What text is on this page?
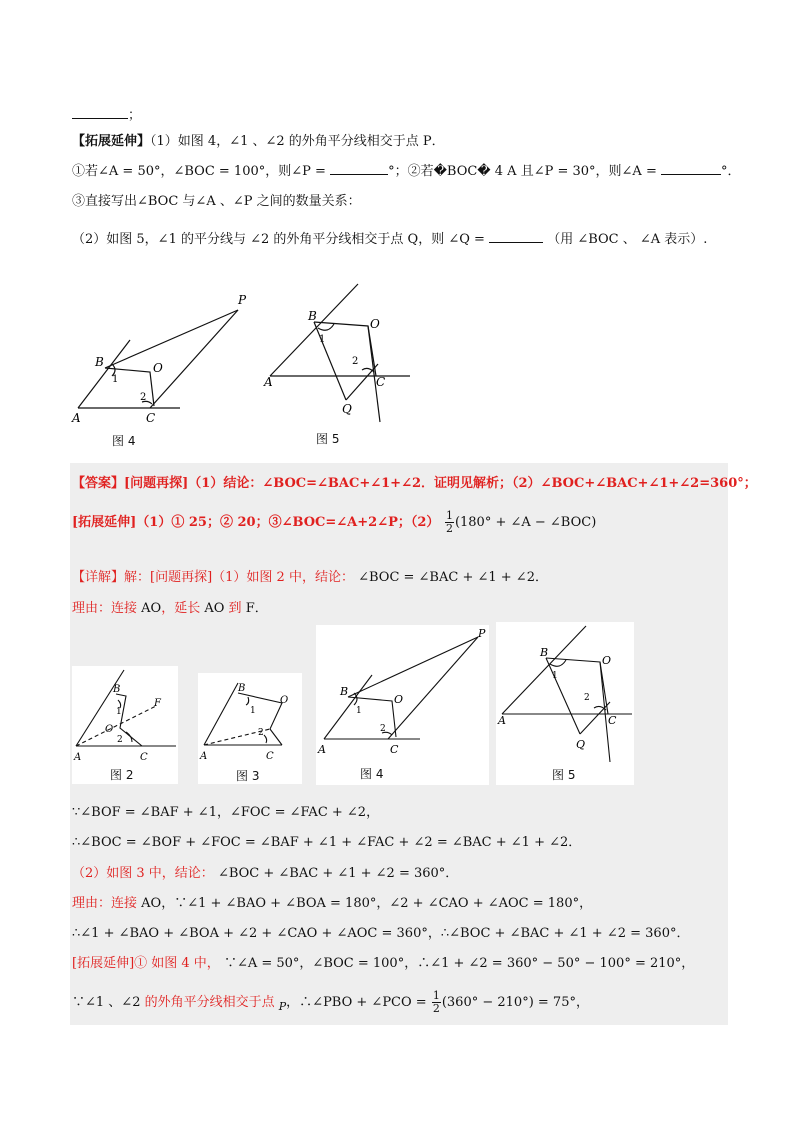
；
【拓展延伸】（1）如图 4，∠1 、∠2 的外角平分线相交于点 P．
①若∠A = 50°，∠BOC = 100°，则∠P =	°；②若�BOC� 4 A 且∠P = 30°，则∠A =	°．
③直接写出∠BOC 与∠A 、∠P 之间的数量关系：
（2）如图 5，∠1 的平分线与 ∠2 的外角平分线相交于点 Q，则 ∠Q =	（用 ∠BOC 、 ∠A 表示）.
P
B
1
O
2
A	C
图 4
B
O
1
2
A	C
Q
图 5
【答案】[问题再探]（1）结论：∠BOC=∠BAC+∠1+∠2．证明见解析；（2）∠BOC+∠BAC+∠1+∠2=360°；
[拓展延伸]（1）① 25；② 20；③∠BOC=∠A+2∠P；$(2) \frac{1}{2} (180^\circ$ + ∠A − ∠BOC)
【详解】解：[问题再探]（1）如图 2 中，结论： ∠BOC = ∠BAC + ∠1 + ∠2．
理由：连接 AO，延长 AO 到 F．
B
F
1
O
2
A	C
图 2
B
O
1
2
A	C
图 3
P
B
1
O
2
A	C
图 4
B
O
1
2
A	C
Q
图 5
∵∠BOF = ∠BAF + ∠1，∠FOC = ∠FAC + ∠2，
∴∠BOC = ∠BOF + ∠FOC = ∠BAF + ∠1 + ∠FAC + ∠2 = ∠BAC + ∠1 + ∠2．
（2）如图 3 中，结论： ∠BOC + ∠BAC + ∠1 + ∠2 = 360°．
理由：连接 AO，∵∠1 + ∠BAO + ∠BOA = 180°，∠2 + ∠CAO + ∠AOC = 180°，
∴∠1 + ∠BAO + ∠BOA + ∠2 + ∠CAO + ∠AOC = 360°，∴∠BOC + ∠BAC + ∠1 + ∠2 = 360°．
[拓展延伸]① 如图 4 中， ∵∠A = 50°，∠BOC = 100°，∴∠1 + ∠2 = 360° − 50° − 100° = 210°，
∵∠1 、∠2 的外角平分线相交于点 $_P$，∴∠PBO + ∠PCO = $\frac{1}{2} (360^\circ - 210^\circ) = 75^\circ$，
